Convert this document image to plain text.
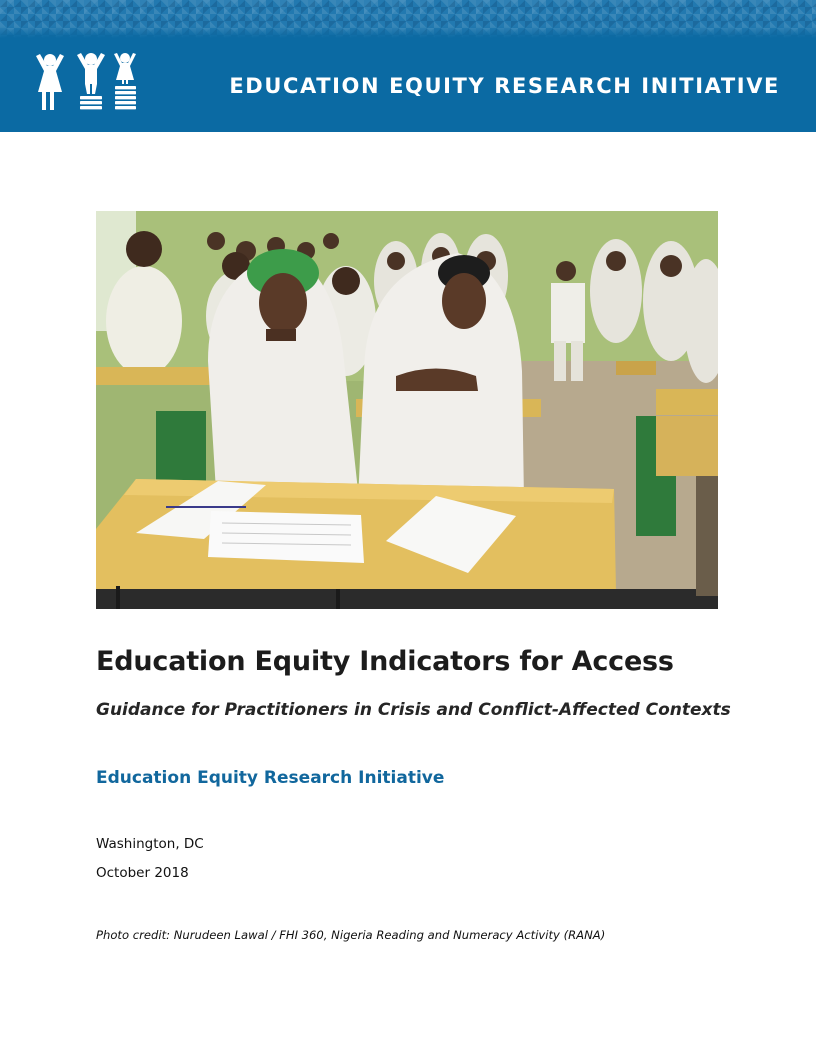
EDUCATION EQUITY RESEARCH INITIATIVE
Education Equity Indicators for Access
Guidance for Practitioners in Crisis and Conflict-Affected Contexts
Education Equity Research Initiative
Washington, DC
October 2018
Photo credit: Nurudeen Lawal / FHI 360, Nigeria Reading and Numeracy Activity (RANA)
